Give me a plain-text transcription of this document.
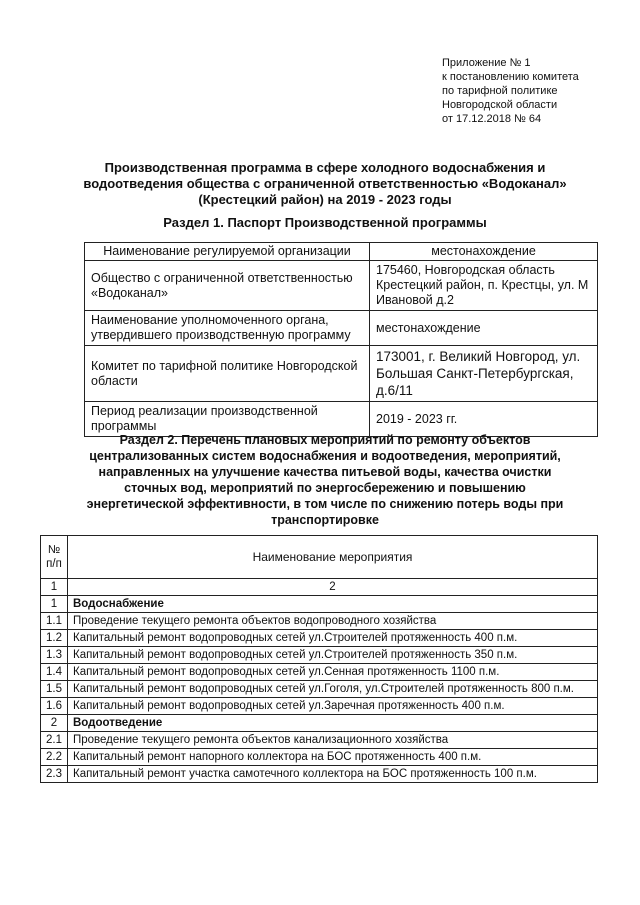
Приложение № 1
к постановлению комитета
по тарифной политике
Новгородской области
от 17.12.2018 № 64
Производственная программа в сфере холодного водоснабжения и
водоотведения общества с ограниченной ответственностью «Водоканал»
(Крестецкий район) на 2019 - 2023 годы
Раздел 1. Паспорт Производственной программы
Наименование регулируемой организации	местонахождение
Общество с ограниченной ответственностью «Водоканал»	175460, Новгородская область Крестецкий район, п. Крестцы, ул. М Ивановой д.2
Наименование уполномоченного органа, утвердившего производственную программу	местонахождение
Комитет по тарифной политике Новгородской области	173001, г. Великий Новгород, ул. Большая Санкт-Петербургская, д.6/11
Период реализации производственной программы	2019 - 2023 гг.
Раздел 2. Перечень плановых мероприятий по ремонту объектов
централизованных систем водоснабжения и водоотведения, мероприятий,
направленных на улучшение качества питьевой воды, качества очистки
сточных вод, мероприятий по энергосбережению и повышению
энергетической эффективности, в том числе по снижению потерь воды при
транспортировке
№ п/п	Наименование мероприятия
1	2
1	Водоснабжение
1.1	Проведение текущего ремонта объектов водопроводного хозяйства
1.2	Капитальный ремонт водопроводных сетей ул.Строителей протяженность 400 п.м.
1.3	Капитальный ремонт водопроводных сетей ул.Строителей протяженность 350 п.м.
1.4	Капитальный ремонт водопроводных сетей ул.Сенная протяженность 1100 п.м.
1.5	Капитальный ремонт водопроводных сетей ул.Гоголя, ул.Строителей протяженность 800 п.м.
1.6	Капитальный ремонт водопроводных сетей ул.Заречная протяженность 400 п.м.
2	Водоотведение
2.1	Проведение текущего ремонта объектов канализационного хозяйства
2.2	Капитальный ремонт напорного коллектора на БОС протяженность 400 п.м.
2.3	Капитальный ремонт участка самотечного коллектора на БОС протяженность 100 п.м.
